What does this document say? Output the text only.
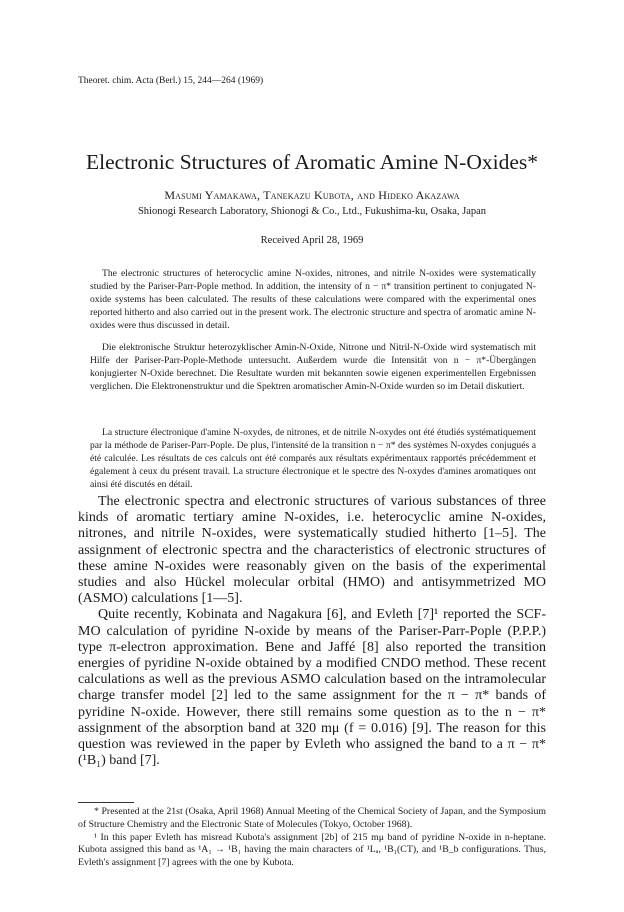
Theoret. chim. Acta (Berl.) 15, 244—264 (1969)
Electronic Structures of Aromatic Amine N-Oxides*
Masumi Yamakawa, Tanekazu Kubota, and Hideko Akazawa
Shionogi Research Laboratory, Shionogi & Co., Ltd., Fukushima-ku, Osaka, Japan
Received April 28, 1969

The electronic structures of heterocyclic amine N-oxides, nitrones, and nitrile N-oxides were systematically studied by the Pariser-Parr-Pople method. In addition, the intensity of n − π* transition pertinent to conjugated N-oxide systems has been calculated. The results of these calculations were compared with the experimental ones reported hitherto and also carried out in the present work. The electronic structure and spectra of aromatic amine N-oxides were thus discussed in detail.

Die elektronische Struktur heterozyklischer Amin-N-Oxide, Nitrone und Nitril-N-Oxide wird systematisch mit Hilfe der Pariser-Parr-Pople-Methode untersucht. Außerdem wurde die Intensität von n − π*-Übergängen konjugierter N-Oxide berechnet. Die Resultate wurden mit bekannten sowie eigenen experimentellen Ergebnissen verglichen. Die Elektronenstruktur und die Spektren aromatischer Amin-N-Oxide wurden so im Detail diskutiert.

La structure électronique d'amine N-oxydes, de nitrones, et de nitrile N-oxydes ont été étudiés systématiquement par la méthode de Pariser-Parr-Pople. De plus, l'intensité de la transition n − π* des systèmes N-oxydes conjugués a été calculée. Les résultats de ces calculs ont été comparés aux résultats expérimentaux rapportés précédemment et également à ceux du présent travail. La structure électronique et le spectre des N-oxydes d'amines aromatiques ont ainsi été discutés en détail.

The electronic spectra and electronic structures of various substances of three kinds of aromatic tertiary amine N-oxides, i.e. heterocyclic amine N-oxides, nitrones, and nitrile N-oxides, were systematically studied hitherto [1–5]. The assignment of electronic spectra and the characteristics of electronic structures of these amine N-oxides were reasonably given on the basis of the experimental studies and also Hückel molecular orbital (HMO) and antisymmetrized MO (ASMO) calculations [1—5].

Quite recently, Kobinata and Nagakura [6], and Evleth [7]¹ reported the SCF-MO calculation of pyridine N-oxide by means of the Pariser-Parr-Pople (P.P.P.) type π-electron approximation. Bene and Jaffé [8] also reported the transition energies of pyridine N-oxide obtained by a modified CNDO method. These recent calculations as well as the previous ASMO calculation based on the intramolecular charge transfer model [2] led to the same assignment for the π − π* bands of pyridine N-oxide. However, there still remains some question as to the n − π* assignment of the absorption band at 320 mμ (f = 0.016) [9]. The reason for this question was reviewed in the paper by Evleth who assigned the band to a π − π*(¹B₁) band [7].

* Presented at the 21st (Osaka, April 1968) Annual Meeting of the Chemical Society of Japan, and the Symposium of Structure Chemistry and the Electronic State of Molecules (Tokyo, October 1968).

¹ In this paper Evleth has misread Kubota's assignment [2b] of 215 mμ band of pyridine N-oxide in n-heptane. Kubota assigned this band as ¹A₁ → ¹B₁ having the main characters of ¹Lₐ, ¹B₁(CT), and ¹B_b configurations. Thus, Evleth's assignment [7] agrees with the one by Kubota.
